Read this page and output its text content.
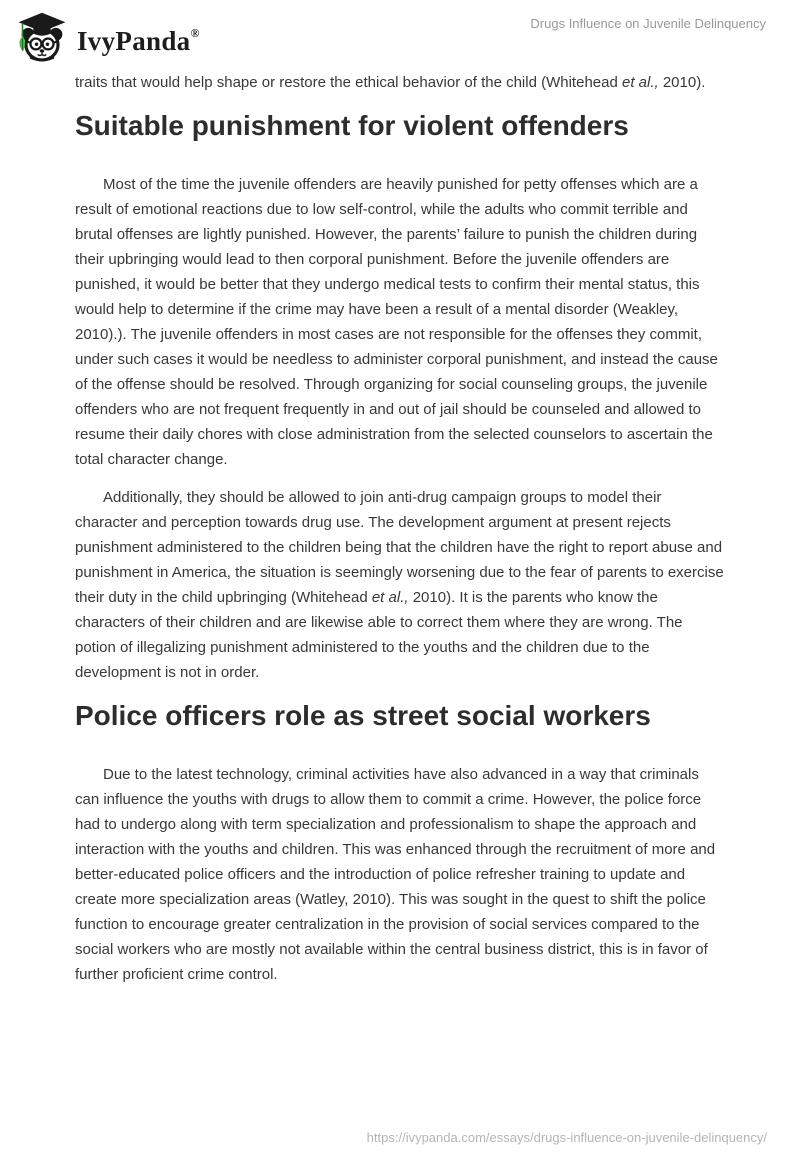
IvyPanda®
Drugs Influence on Juvenile Delinquency

traits that would help shape or restore the ethical behavior of the child (Whitehead et al., 2010).

Suitable punishment for violent offenders

Most of the time the juvenile offenders are heavily punished for petty offenses which are a result of emotional reactions due to low self-control, while the adults who commit terrible and brutal offenses are lightly punished. However, the parents’ failure to punish the children during their upbringing would lead to then corporal punishment. Before the juvenile offenders are punished, it would be better that they undergo medical tests to confirm their mental status, this would help to determine if the crime may have been a result of a mental disorder (Weakley, 2010).). The juvenile offenders in most cases are not responsible for the offenses they commit, under such cases it would be needless to administer corporal punishment, and instead the cause of the offense should be resolved. Through organizing for social counseling groups, the juvenile offenders who are not frequent frequently in and out of jail should be counseled and allowed to resume their daily chores with close administration from the selected counselors to ascertain the total character change.

Additionally, they should be allowed to join anti-drug campaign groups to model their character and perception towards drug use. The development argument at present rejects punishment administered to the children being that the children have the right to report abuse and punishment in America, the situation is seemingly worsening due to the fear of parents to exercise their duty in the child upbringing (Whitehead et al., 2010). It is the parents who know the characters of their children and are likewise able to correct them where they are wrong. The potion of illegalizing punishment administered to the youths and the children due to the development is not in order.

Police officers role as street social workers

Due to the latest technology, criminal activities have also advanced in a way that criminals can influence the youths with drugs to allow them to commit a crime. However, the police force had to undergo along with term specialization and professionalism to shape the approach and interaction with the youths and children. This was enhanced through the recruitment of more and better-educated police officers and the introduction of police refresher training to update and create more specialization areas (Watley, 2010). This was sought in the quest to shift the police function to encourage greater centralization in the provision of social services compared to the social workers who are mostly not available within the central business district, this is in favor of further proficient crime control.

https://ivypanda.com/essays/drugs-influence-on-juvenile-delinquency/
